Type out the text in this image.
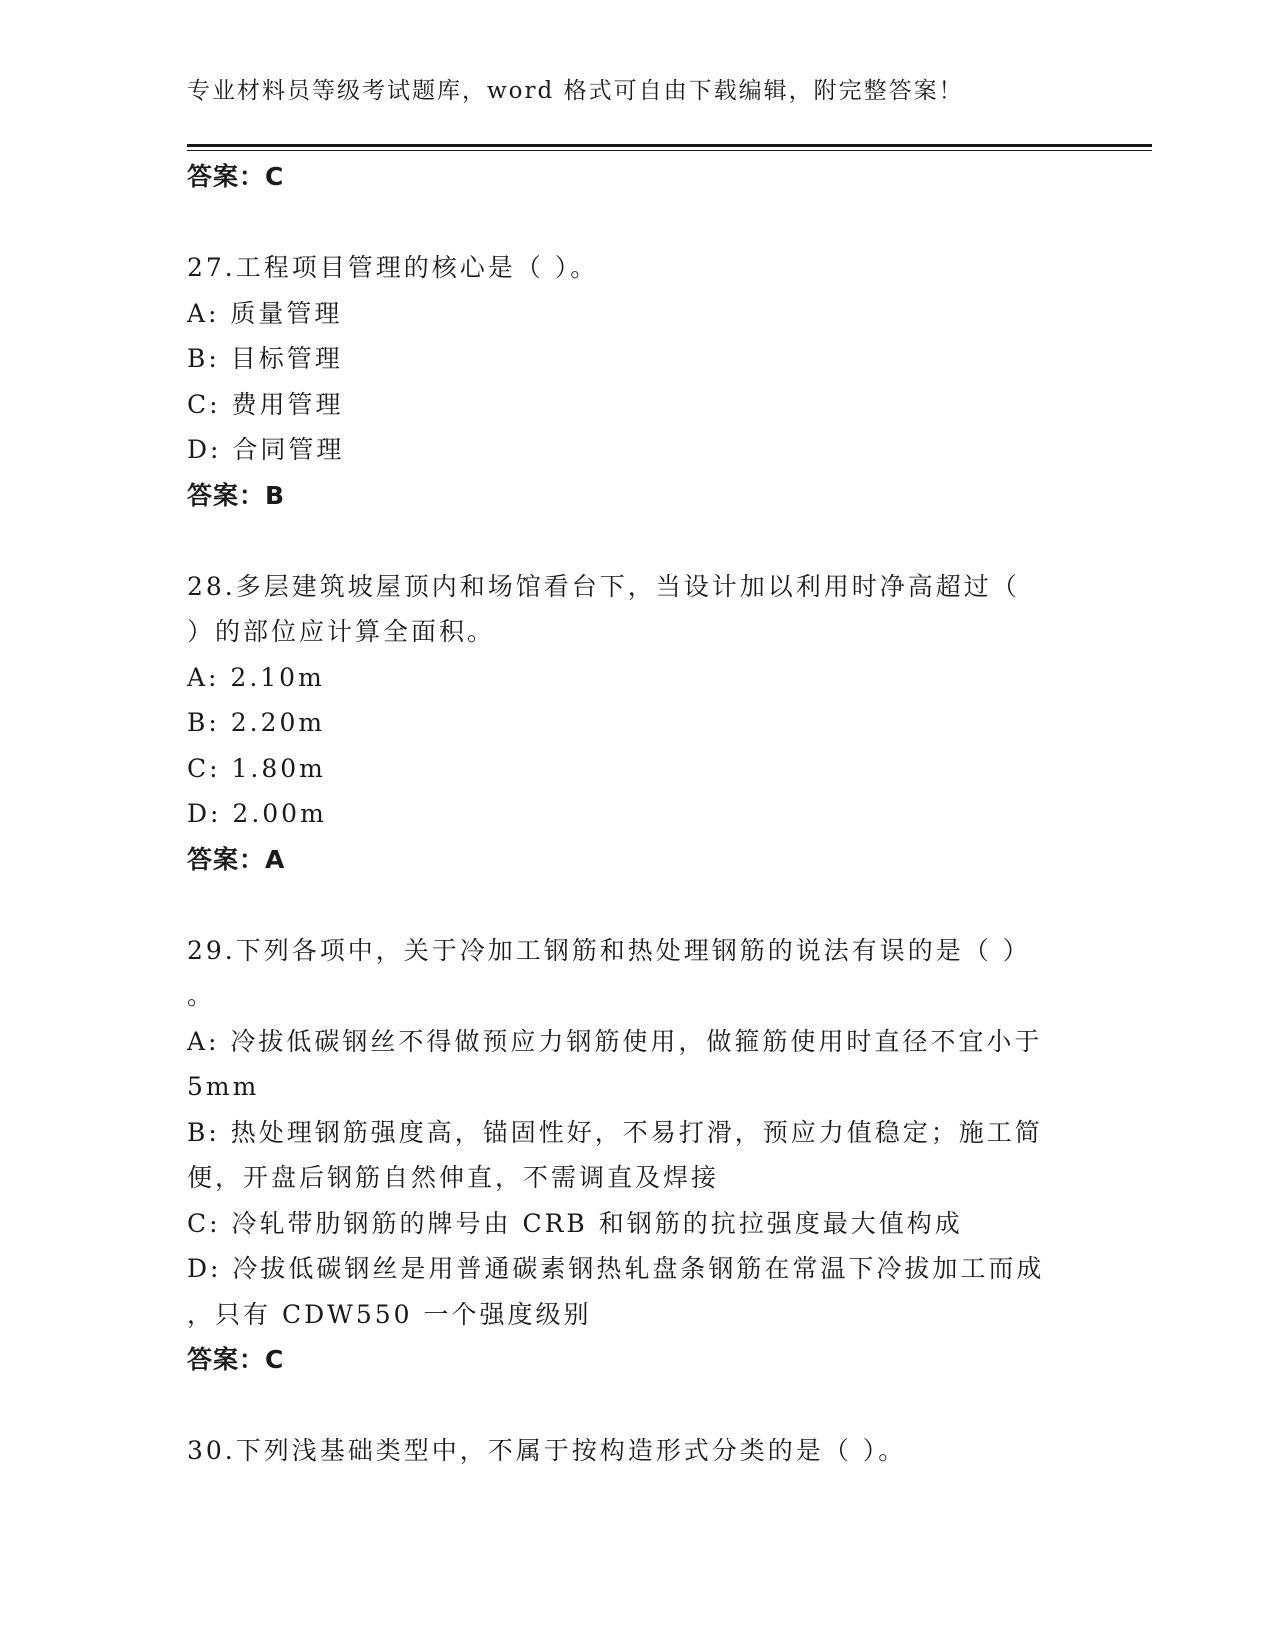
专业材料员等级考试题库，word 格式可自由下载编辑，附完整答案！
答案：C
27.工程项目管理的核心是（ ）。
A: 质量管理
B: 目标管理
C: 费用管理
D: 合同管理
答案：B
28.多层建筑坡屋顶内和场馆看台下，当设计加以利用时净高超过（
）的部位应计算全面积。
A: 2.10m
B: 2.20m
C: 1.80m
D: 2.00m
答案：A
29.下列各项中，关于冷加工钢筋和热处理钢筋的说法有误的是（ ）
。
A: 冷拔低碳钢丝不得做预应力钢筋使用，做箍筋使用时直径不宜小于
5mm
B: 热处理钢筋强度高，锚固性好，不易打滑，预应力值稳定；施工简
便，开盘后钢筋自然伸直，不需调直及焊接
C: 冷轧带肋钢筋的牌号由 CRB 和钢筋的抗拉强度最大值构成
D: 冷拔低碳钢丝是用普通碳素钢热轧盘条钢筋在常温下冷拔加工而成
，只有 CDW550 一个强度级别
答案：C
30.下列浅基础类型中，不属于按构造形式分类的是（ ）。
